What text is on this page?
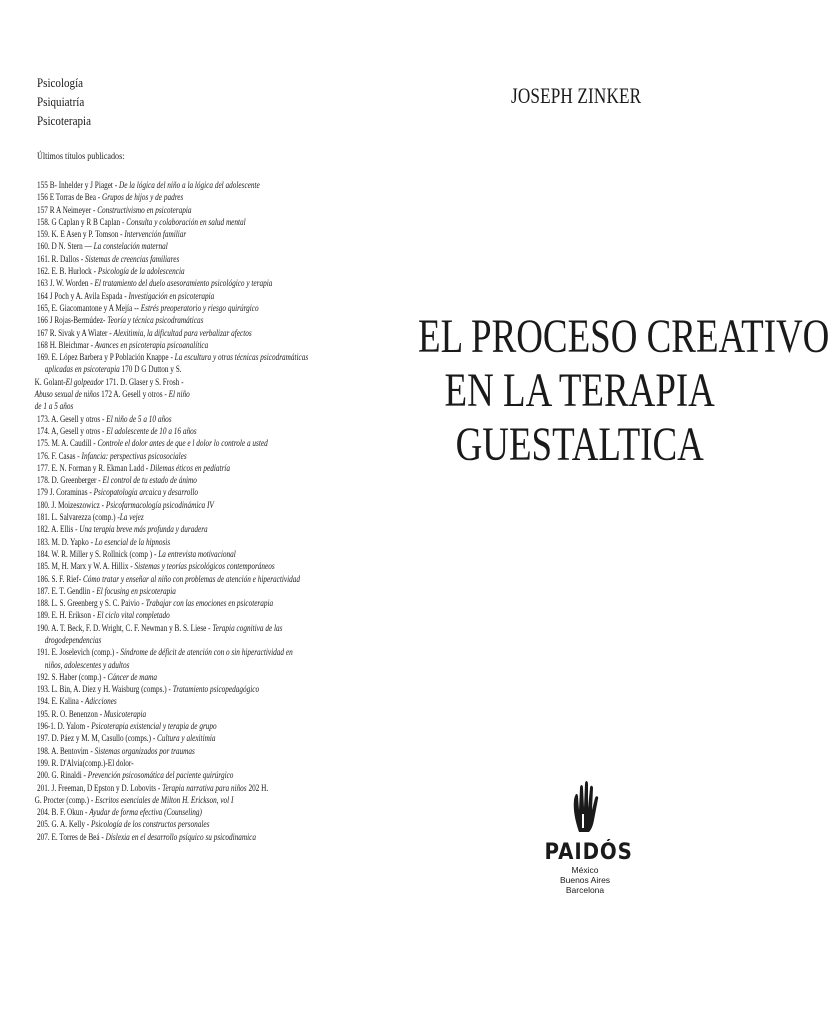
Psicología
Psiquiatría
Psicoterapia
Últimos títulos publicados:
155 B- Inhelder y J Piaget - De la lógica del niño a la lógica del adolescente
156 E Torras de Bea - Grupos de hijos y de padres
157 R A Neimeyer - Constructivismo en psicoterapia
158. G Caplan y R B Caplan - Consulta y colaboración en salud mental
159. K. E Asen y P. Tomson - Intervención familiar
160. D N. Stern — La constelación maternal
161. R. Dallos - Sistemas de creencias familiares
162. E. B. Hurlock - Psicología de la adolescencia
163 J. W. Worden - El tratamiento del duelo asesoramiento psicológico y terapia
164 J Poch y A. Avila Espada - Investigación en psicoterapia
165, E. Giacomantone y A Mejía -- Estrés preoperatorio y riesgo quirúrgico
166 J Rojas-Bermúdez- Teoría y técnica psicodramáticas
167 R. Sivak y A Wiater - Alexitimia, la dificultad para verbalizar afectos
168 H. Bleichmar - Avances en psicoterapia psicoanalítica
169. E. López Barbera y P Población Knappe - La escultura y otras técnicas psicodramáticas
aplicadas en psicoterapia 170 D G Dutton y S.
K. Golant-El golpeador 171. D. Glaser y S. Frosh -
Abuso sexual de niños 172 A. Gesell y otros - El niño
de 1 a 5 años
173. A. Gesell y otros - El niño de 5 a 10 años
174. A, Gesell y otros - El adolescente de 10 a 16 años
175. M. A. Caudill - Controle el dolor antes de que e l dolor lo controle a usted
176. F. Casas - Infancia: perspectivas psicosociales
177. E. N. Forman y R. Ekman Ladd - Dilemas éticos en pediatría
178. D. Greenberger - El control de tu estado de ánimo
179 J. Coraminas - Psicopatología arcaica y desarrollo
180. J. Moizeszowicz - Psicofarmacología psicodinámica IV
181. L. Salvarezza (comp.) -La vejez
182. A. Ellis - Una terapia breve más profunda y duradera
183. M. D. Yapko - Lo esencial de la hipnosis
184. W. R. Miller y S. Rollnick (comp ) - La entrevista motivacional
185. M, H. Marx y W. A. Hillix - Sistemas y teorías psicológicos contemporáneos
186. S. F. Rief- Cómo tratar y enseñar al niño con problemas de atención e hiperactividad
187. E. T. Gendlin - El focusing en psicoterapia
188. L. S. Greenberg y S. C. Paivio - Trabajar con las emociones en psicoterapia
189. E. H. Erikson - El ciclo vital completado
190. A. T. Beck, F. D. Wright, C. F. Newman y B. S. Liese - Terapia cognitiva de las
drogodependencias
191. E. Joselevich (comp.) - Síndrome de déficit de atención con o sin hiperactividad en
niños, adolescentes y adultos
192. S. Haber (comp.) - Cáncer de mama
193. L. Bin, A. Diez y H. Waisburg (comps.) - Tratamiento psicopedagógico
194. E. Kalina - Adicciones
195. R. O. Benenzon - Musicoterapia
196-1. D. Yalom - Psicoterapia existencial y terapia de grupo
197. D. Páez y M. M, Casullo (comps.) - Cultura y alexitimia
198. A. Bentovim - Sistemas organizados por traumas
199. R. D'Alvia(comp.)-El dolor-
200. G. Rinaldi - Prevención psicosomática del paciente quirúrgico
201. J. Freeman, D Epston y D. Lobovits - Terapia narrativa para niños 202 H.
G. Procter (comp.) - Escritos esenciales de Milton H. Erickson, vol I
204. B. F. Okun - Ayudar de forma efectiva (Counseling)
205. G. A. Kelly - Psicología de los constructos personales
207. E. Torres de Beá - Dislexia en el desarrollo psíquico su psicodinamica
JOSEPH ZINKER
EL PROCESO CREATIVO
EN LA TERAPIA
GUESTALTICA
PAIDÓS
México
Buenos Aires
Barcelona
